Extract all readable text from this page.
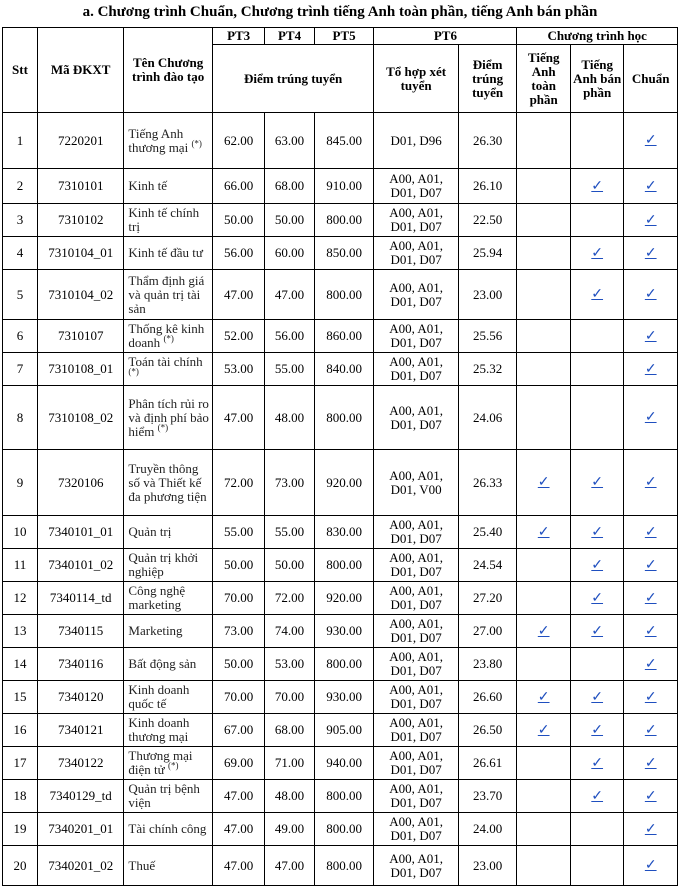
a. Chương trình Chuẩn, Chương trình tiếng Anh toàn phần, tiếng Anh bán phần
Stt	Mã ĐKXT	Tên Chương trình đào tạo	PT3	PT4	PT5	PT6		Chương trình học		
			Điểm trúng tuyển			Tổ hợp xét tuyển	Điểm trúng tuyển	Tiếng Anh toàn phần	Tiếng Anh bán phần	Chuẩn
1	7220201	Tiếng Anh thương mại (*)	62.00	63.00	845.00	D01, D96	26.30			✓
2	7310101	Kinh tế	66.00	68.00	910.00	A00, A01, D01, D07	26.10		✓	✓
3	7310102	Kinh tế chính trị	50.00	50.00	800.00	A00, A01, D01, D07	22.50			✓
4	7310104_01	Kinh tế đầu tư	56.00	60.00	850.00	A00, A01, D01, D07	25.94		✓	✓
5	7310104_02	Thẩm định giá và quản trị tài sản	47.00	47.00	800.00	A00, A01, D01, D07	23.00		✓	✓
6	7310107	Thống kê kinh doanh (*)	52.00	56.00	860.00	A00, A01, D01, D07	25.56			✓
7	7310108_01	Toán tài chính (*)	53.00	55.00	840.00	A00, A01, D01, D07	25.32			✓
8	7310108_02	Phân tích rủi ro và định phí bảo hiểm (*)	47.00	48.00	800.00	A00, A01, D01, D07	24.06			✓
9	7320106	Truyền thông số và Thiết kế đa phương tiện	72.00	73.00	920.00	A00, A01, D01, V00	26.33	✓	✓	✓
10	7340101_01	Quản trị	55.00	55.00	830.00	A00, A01, D01, D07	25.40	✓	✓	✓
11	7340101_02	Quản trị khởi nghiệp	50.00	50.00	800.00	A00, A01, D01, D07	24.54		✓	✓
12	7340114_td	Công nghệ marketing	70.00	72.00	920.00	A00, A01, D01, D07	27.20		✓	✓
13	7340115	Marketing	73.00	74.00	930.00	A00, A01, D01, D07	27.00	✓	✓	✓
14	7340116	Bất động sản	50.00	53.00	800.00	A00, A01, D01, D07	23.80			✓
15	7340120	Kinh doanh quốc tế	70.00	70.00	930.00	A00, A01, D01, D07	26.60	✓	✓	✓
16	7340121	Kinh doanh thương mại	67.00	68.00	905.00	A00, A01, D01, D07	26.50	✓	✓	✓
17	7340122	Thương mại điện tử (*)	69.00	71.00	940.00	A00, A01, D01, D07	26.61		✓	✓
18	7340129_td	Quản trị bệnh viện	47.00	48.00	800.00	A00, A01, D01, D07	23.70		✓	✓
19	7340201_01	Tài chính công	47.00	49.00	800.00	A00, A01, D01, D07	24.00			✓
20	7340201_02	Thuế	47.00	47.00	800.00	A00, A01, D01, D07	23.00			✓
